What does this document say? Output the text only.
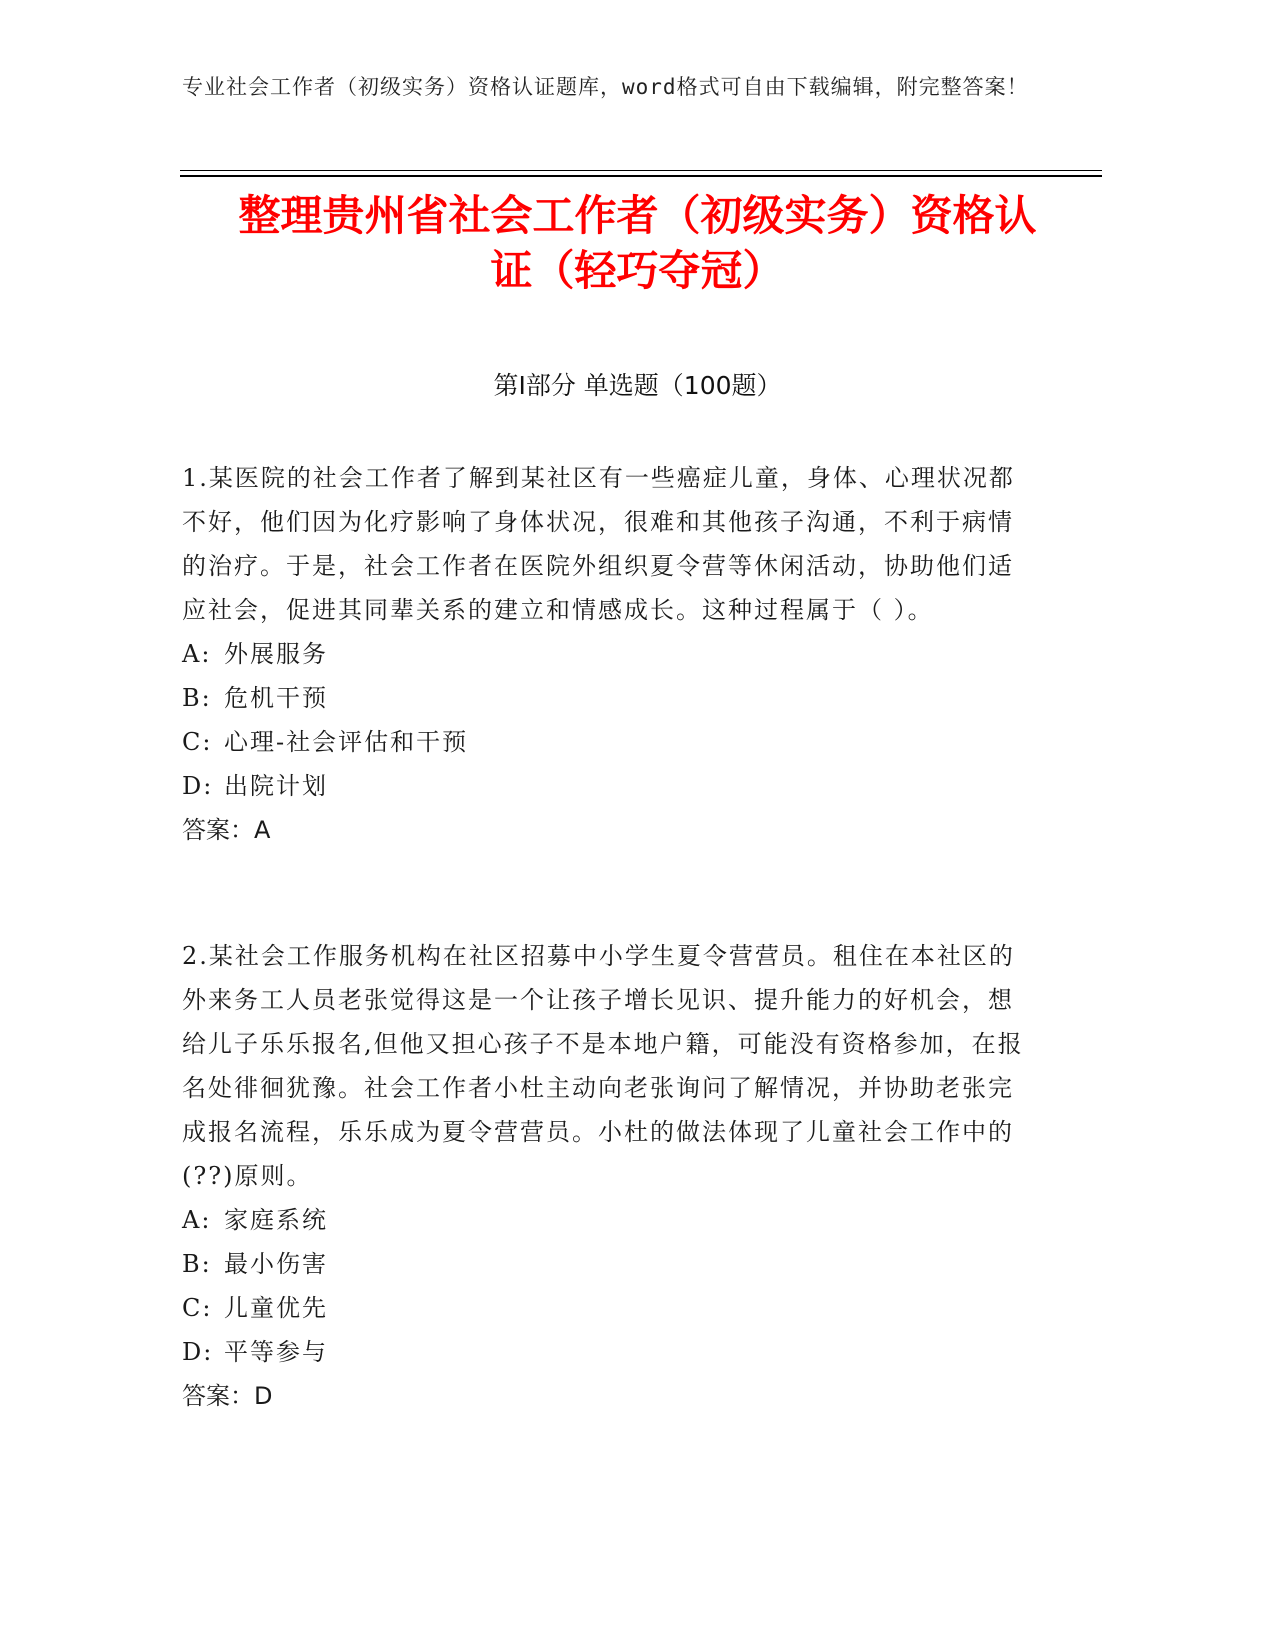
专业社会工作者（初级实务）资格认证题库，word格式可自由下载编辑，附完整答案！
整理贵州省社会工作者（初级实务）资格认
证（轻巧夺冠）
第Ⅰ部分 单选题（100题）

1.某医院的社会工作者了解到某社区有一些癌症儿童，身体、心理状况都不好，他们因为化疗影响了身体状况，很难和其他孩子沟通，不利于病情的治疗。于是，社会工作者在医院外组织夏令营等休闲活动，协助他们适应社会，促进其同辈关系的建立和情感成长。这种过程属于（ ）。

A: 外展服务

B: 危机干预

C: 心理-社会评估和干预

D: 出院计划

答案：A

2.某社会工作服务机构在社区招募中小学生夏令营营员。租住在本社区的外来务工人员老张觉得这是一个让孩子增长见识、提升能力的好机会，想给儿子乐乐报名,但他又担心孩子不是本地户籍，可能没有资格参加，在报名处徘徊犹豫。社会工作者小杜主动向老张询问了解情况，并协助老张完成报名流程，乐乐成为夏令营营员。小杜的做法体现了儿童社会工作中的(??)原则。

A: 家庭系统

B: 最小伤害

C: 儿童优先

D: 平等参与

答案：D
